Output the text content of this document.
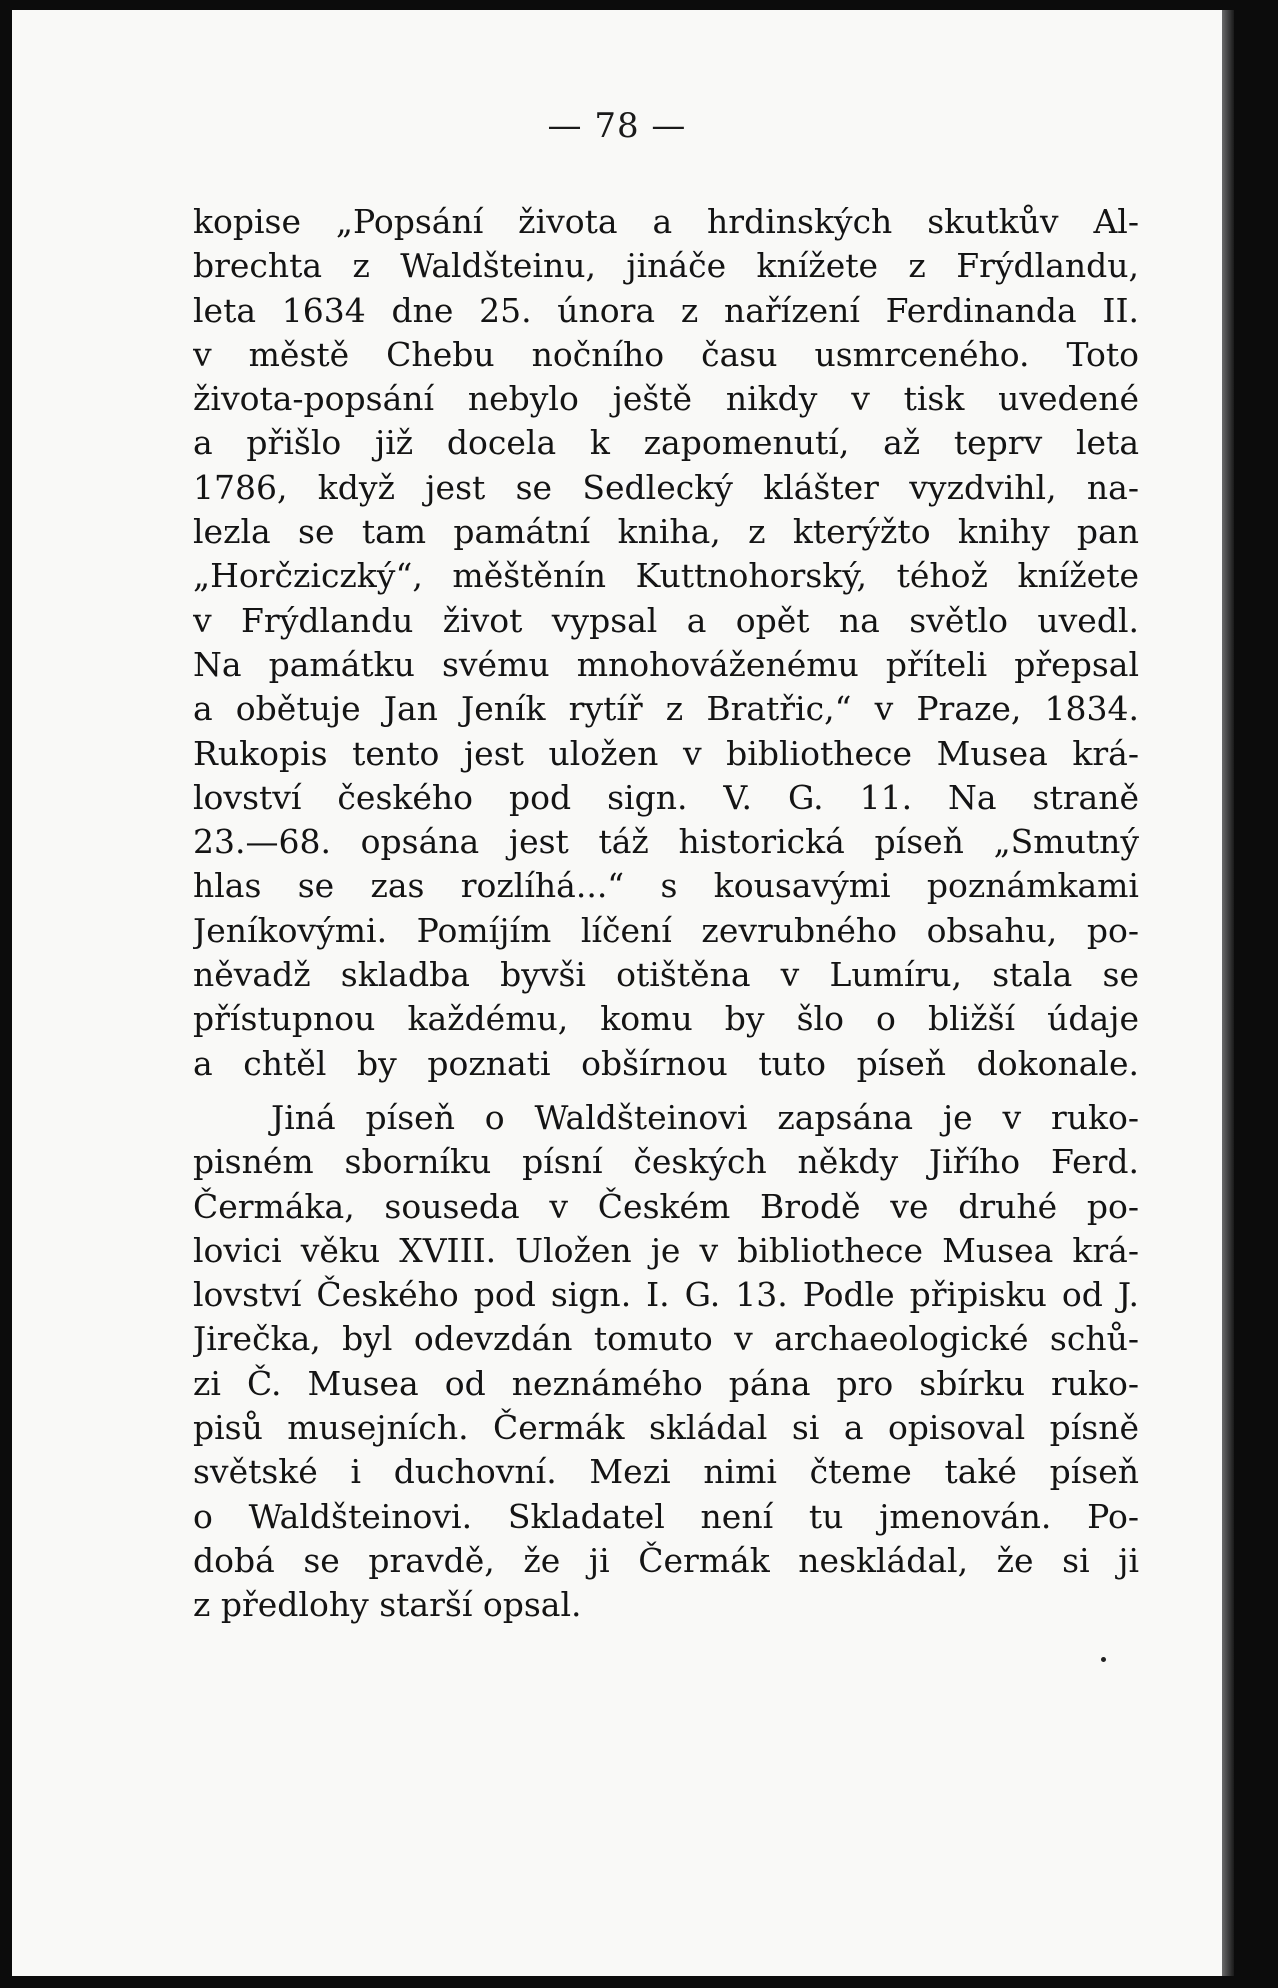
— 78 —
kopise „Popsání života a hrdinských skutkův Al-
brechta z Waldšteinu, jináče knížete z Frýdlandu,
leta 1634 dne 25. února z nařízení Ferdinanda II.
v městě Chebu nočního času usmrceného. Toto
života-popsání nebylo ještě nikdy v tisk uvedené
a přišlo již docela k zapomenutí, až teprv leta
1786, když jest se Sedlecký klášter vyzdvihl, na-
lezla se tam památní kniha, z kterýžto knihy pan
„Horčziczký“, měštěnín Kuttnohorský, téhož knížete
v Frýdlandu život vypsal a opět na světlo uvedl.
Na památku svému mnohováženému příteli přepsal
a obětuje Jan Jeník rytíř z Bratřic,“ v Praze, 1834.
Rukopis tento jest uložen v bibliothece Musea krá-
lovství českého pod sign. V. G. 11. Na straně
23.—68. opsána jest táž historická píseň „Smutný
hlas se zas rozlíhá...“ s kousavými poznámkami
Jeníkovými. Pomíjím líčení zevrubného obsahu, po-
něvadž skladba byvši otištěna v Lumíru, stala se
přístupnou každému, komu by šlo o bližší údaje
a chtěl by poznati obšírnou tuto píseň dokonale.
Jiná píseň o Waldšteinovi zapsána je v ruko-
pisném sborníku písní českých někdy Jiřího Ferd.
Čermáka, souseda v Českém Brodě ve druhé po-
lovici věku XVIII. Uložen je v bibliothece Musea krá-
lovství Českého pod sign. I. G. 13. Podle připisku od J.
Jirečka, byl odevzdán tomuto v archaeologické schů-
zi Č. Musea od neznámého pána pro sbírku ruko-
pisů musejních. Čermák skládal si a opisoval písně
světské i duchovní. Mezi nimi čteme také píseň
o Waldšteinovi. Skladatel není tu jmenován. Po-
dobá se pravdě, že ji Čermák neskládal, že si ji
z předlohy starší opsal.
